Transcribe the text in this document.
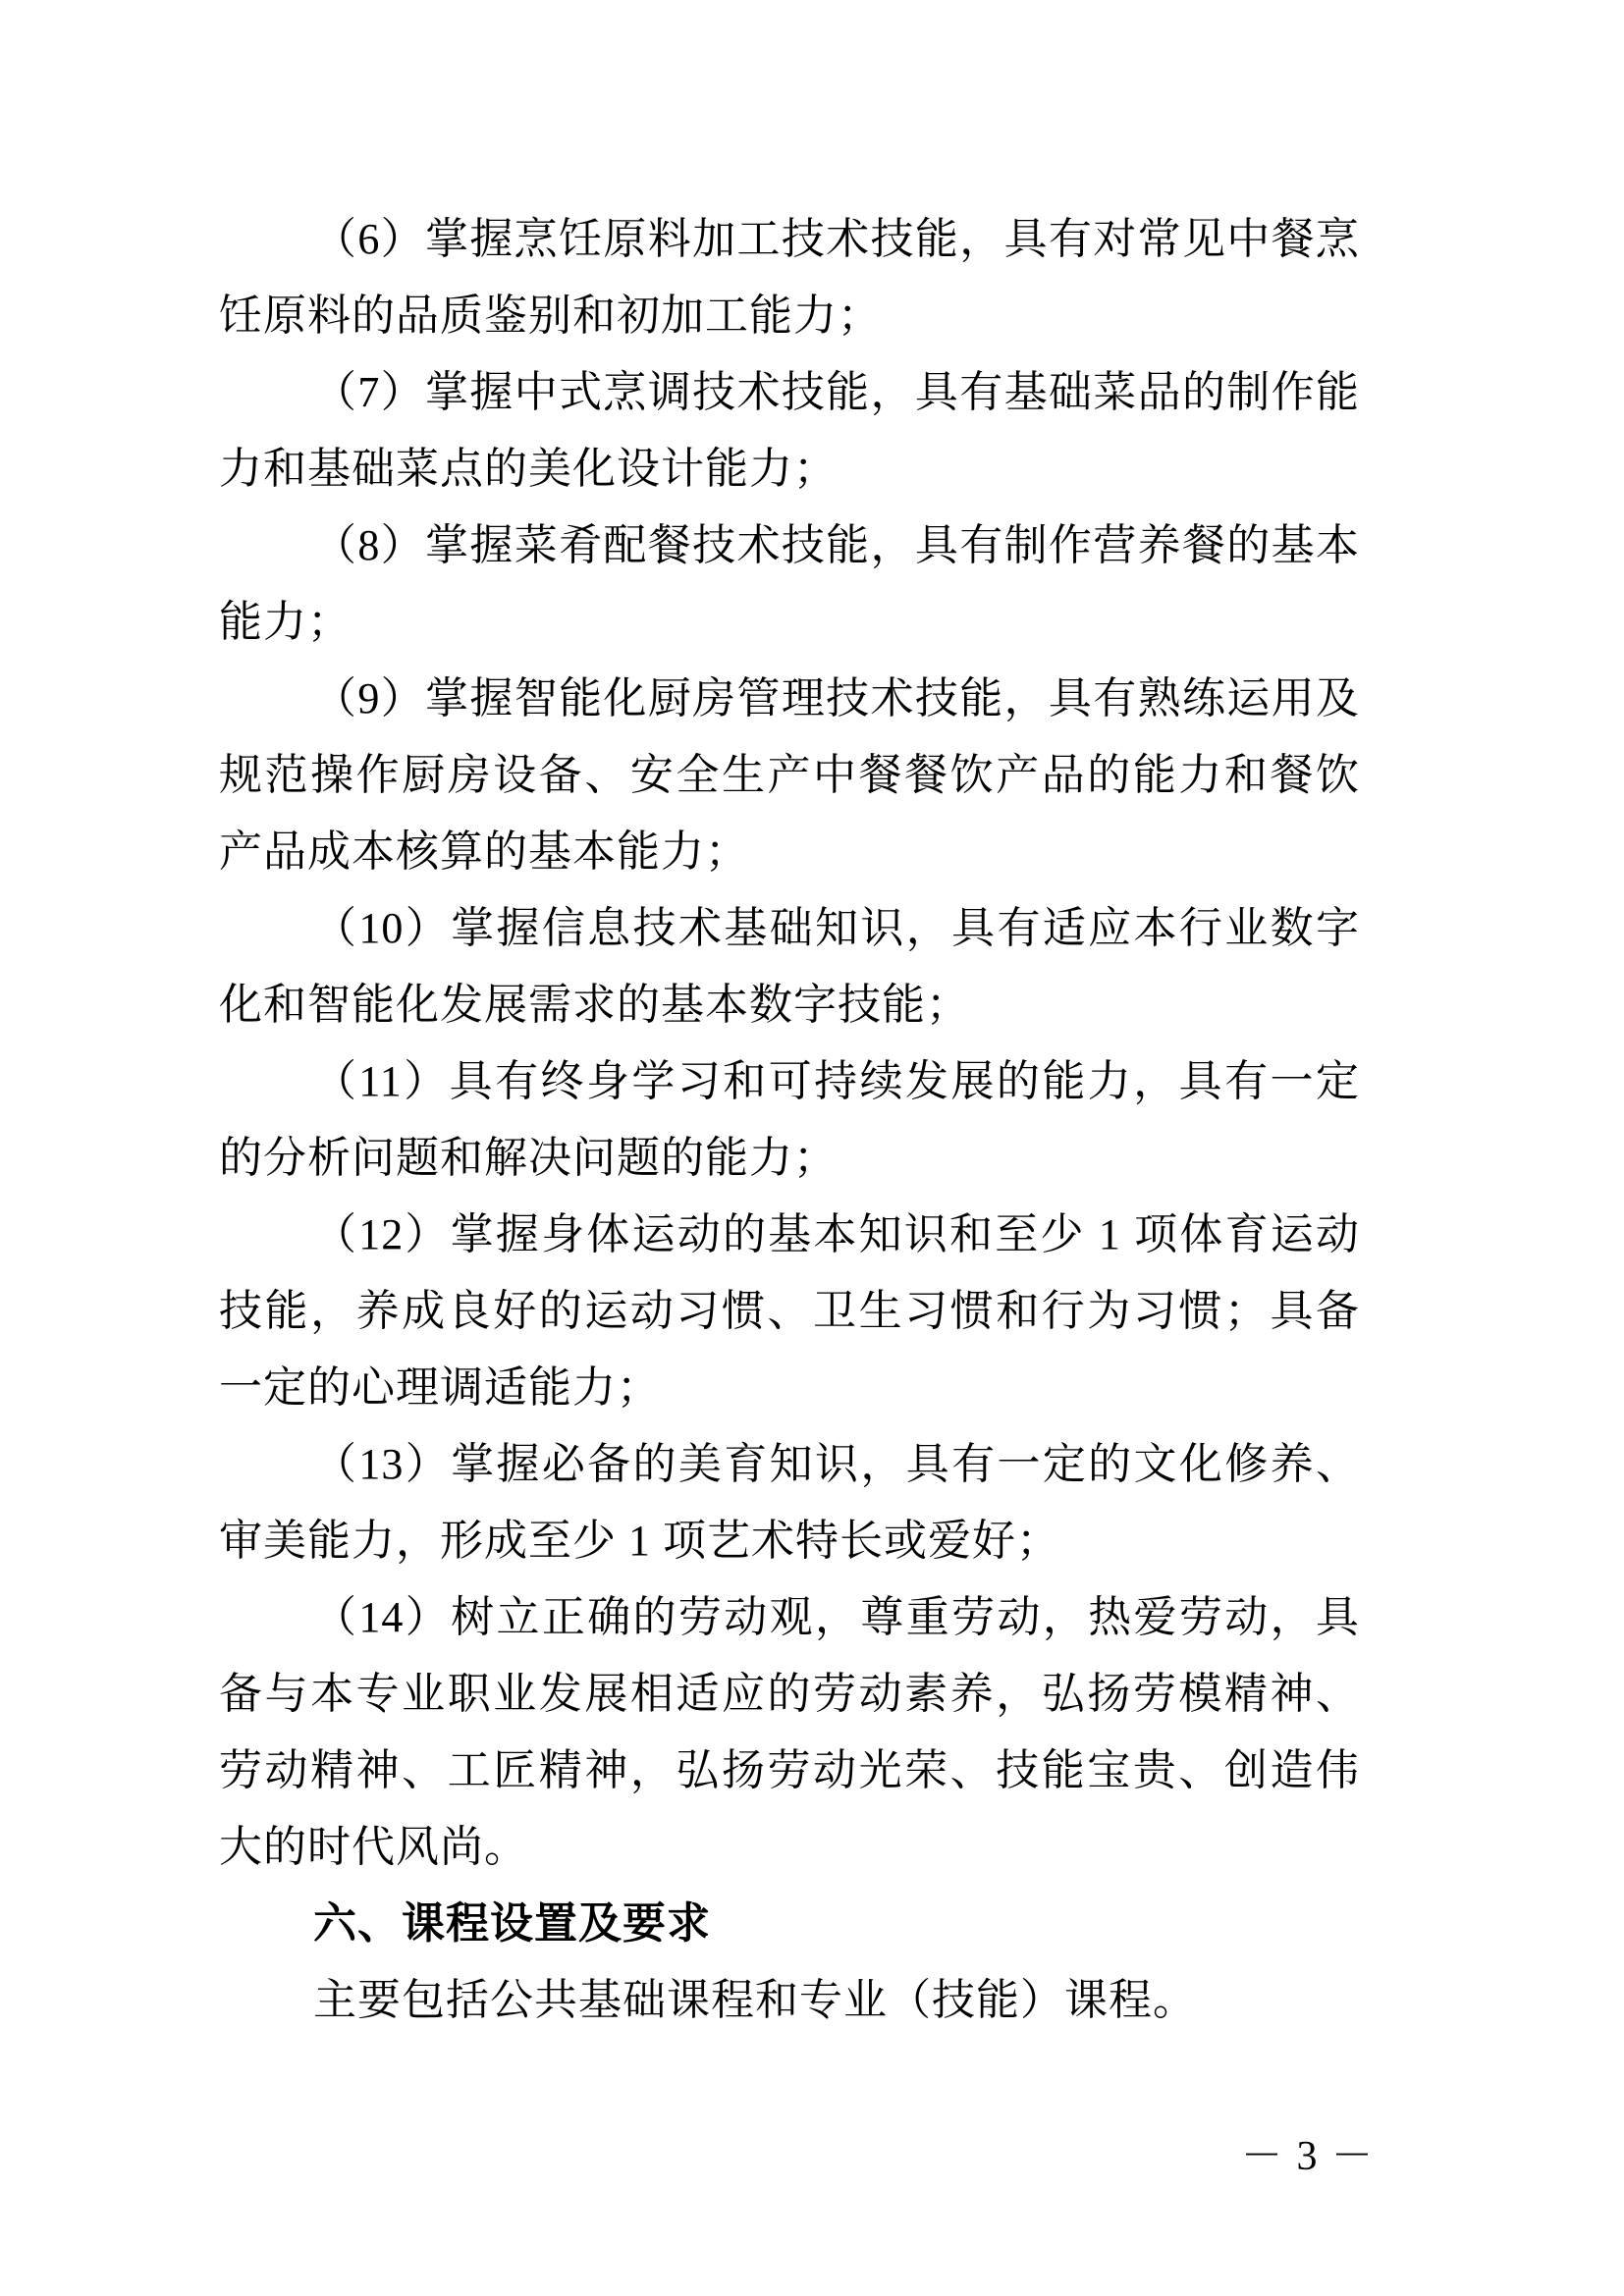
（6）掌握烹饪原料加工技术技能，具有对常见中餐烹饪原料的品质鉴别和初加工能力；

（7）掌握中式烹调技术技能，具有基础菜品的制作能力和基础菜点的美化设计能力；

（8）掌握菜肴配餐技术技能，具有制作营养餐的基本能力；

（9）掌握智能化厨房管理技术技能，具有熟练运用及规范操作厨房设备、安全生产中餐餐饮产品的能力和餐饮产品成本核算的基本能力；

（10）掌握信息技术基础知识，具有适应本行业数字化和智能化发展需求的基本数字技能；

（11）具有终身学习和可持续发展的能力，具有一定的分析问题和解决问题的能力；

（12）掌握身体运动的基本知识和至少 1 项体育运动技能，养成良好的运动习惯、卫生习惯和行为习惯；具备一定的心理调适能力；

（13）掌握必备的美育知识，具有一定的文化修养、审美能力，形成至少 1 项艺术特长或爱好；

（14）树立正确的劳动观，尊重劳动，热爱劳动，具备与本专业职业发展相适应的劳动素养，弘扬劳模精神、劳动精神、工匠精神，弘扬劳动光荣、技能宝贵、创造伟大的时代风尚。

六、课程设置及要求

主要包括公共基础课程和专业（技能）课程。

－ 3 －
